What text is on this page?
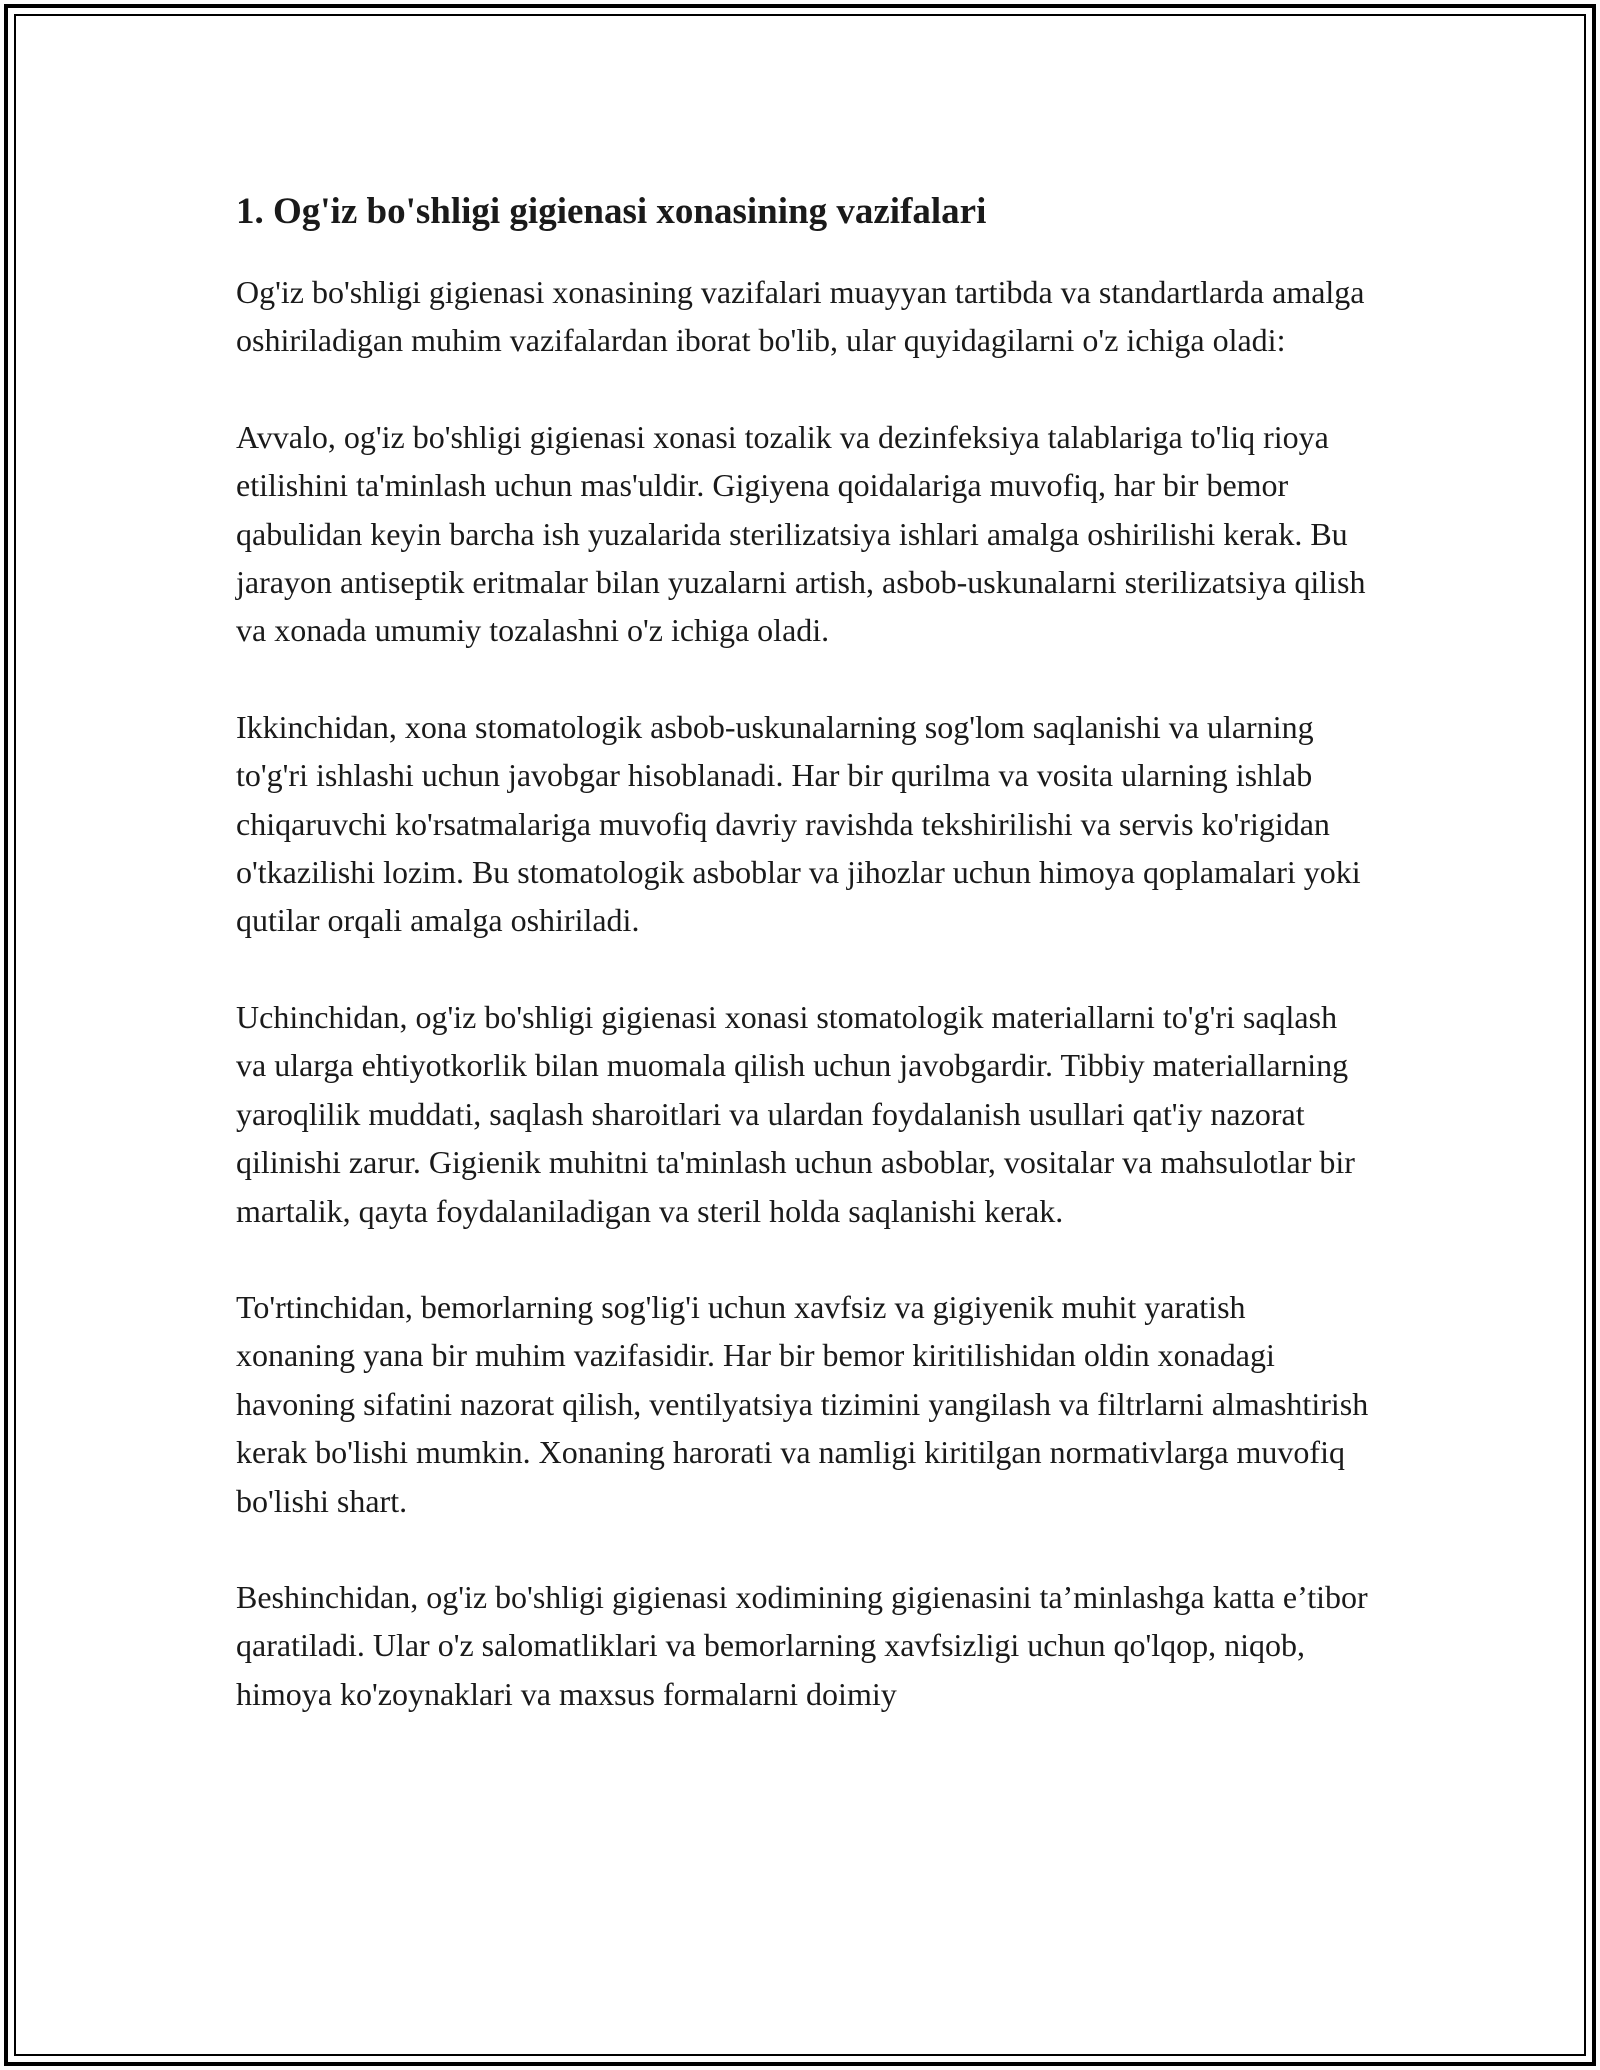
1. Og'iz bo'shligi gigienasi xonasining vazifalari

Og'iz bo'shligi gigienasi xonasining vazifalari muayyan tartibda va standartlarda amalga oshiriladigan muhim vazifalardan iborat bo'lib, ular quyidagilarni o'z ichiga oladi:

Avvalo, og'iz bo'shligi gigienasi xonasi tozalik va dezinfeksiya talablariga to'liq rioya etilishini ta'minlash uchun mas'uldir. Gigiyena qoidalariga muvofiq, har bir bemor qabulidan keyin barcha ish yuzalarida sterilizatsiya ishlari amalga oshirilishi kerak. Bu jarayon antiseptik eritmalar bilan yuzalarni artish, asbob-uskunalarni sterilizatsiya qilish va xonada umumiy tozalashni o'z ichiga oladi.

Ikkinchidan, xona stomatologik asbob-uskunalarning sog'lom saqlanishi va ularning to'g'ri ishlashi uchun javobgar hisoblanadi. Har bir qurilma va vosita ularning ishlab chiqaruvchi ko'rsatmalariga muvofiq davriy ravishda tekshirilishi va servis ko'rigidan o'tkazilishi lozim. Bu stomatologik asboblar va jihozlar uchun himoya qoplamalari yoki qutilar orqali amalga oshiriladi.

Uchinchidan, og'iz bo'shligi gigienasi xonasi stomatologik materiallarni to'g'ri saqlash va ularga ehtiyotkorlik bilan muomala qilish uchun javobgardir. Tibbiy materiallarning yaroqlilik muddati, saqlash sharoitlari va ulardan foydalanish usullari qat'iy nazorat qilinishi zarur. Gigienik muhitni ta'minlash uchun asboblar, vositalar va mahsulotlar bir martalik, qayta foydalaniladigan va steril holda saqlanishi kerak.

To'rtinchidan, bemorlarning sog'lig'i uchun xavfsiz va gigiyenik muhit yaratish xonaning yana bir muhim vazifasidir. Har bir bemor kiritilishidan oldin xonadagi havoning sifatini nazorat qilish, ventilyatsiya tizimini yangilash va filtrlarni almashtirish kerak bo'lishi mumkin. Xonaning harorati va namligi kiritilgan normativlarga muvofiq bo'lishi shart.

Beshinchidan, og'iz bo'shligi gigienasi xodimining gigienasini ta’minlashga katta e’tibor qaratiladi. Ular o'z salomatliklari va bemorlarning xavfsizligi uchun qo'lqop, niqob, himoya ko'zoynaklari va maxsus formalarni doimiy
